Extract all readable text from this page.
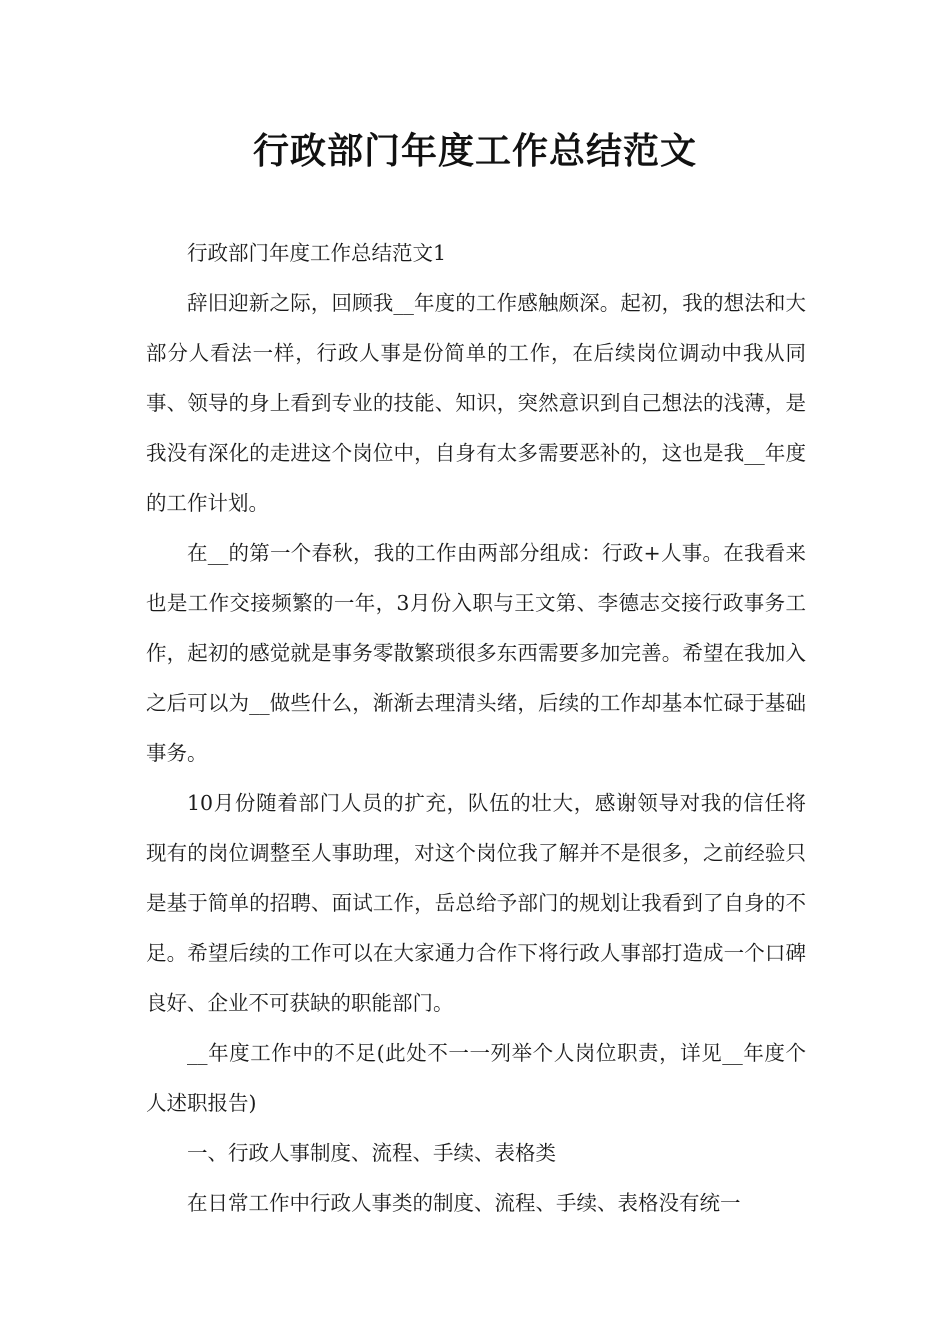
行政部门年度工作总结范文

行政部门年度工作总结范文1

辞旧迎新之际，回顾我__年度的工作感触颇深。起初，我的想法和大部分人看法一样，行政人事是份简单的工作，在后续岗位调动中我从同事、领导的身上看到专业的技能、知识，突然意识到自己想法的浅薄，是我没有深化的走进这个岗位中，自身有太多需要恶补的，这也是我__年度的工作计划。

在__的第一个春秋，我的工作由两部分组成：行政+人事。在我看来也是工作交接频繁的一年，3月份入职与王文第、李德志交接行政事务工作，起初的感觉就是事务零散繁琐很多东西需要多加完善。希望在我加入之后可以为__做些什么，渐渐去理清头绪，后续的工作却基本忙碌于基础事务。

10月份随着部门人员的扩充，队伍的壮大，感谢领导对我的信任将现有的岗位调整至人事助理，对这个岗位我了解并不是很多，之前经验只是基于简单的招聘、面试工作，岳总给予部门的规划让我看到了自身的不足。希望后续的工作可以在大家通力合作下将行政人事部打造成一个口碑良好、企业不可获缺的职能部门。

__年度工作中的不足(此处不一一列举个人岗位职责，详见__年度个人述职报告)

一、行政人事制度、流程、手续、表格类

在日常工作中行政人事类的制度、流程、手续、表格没有统一
